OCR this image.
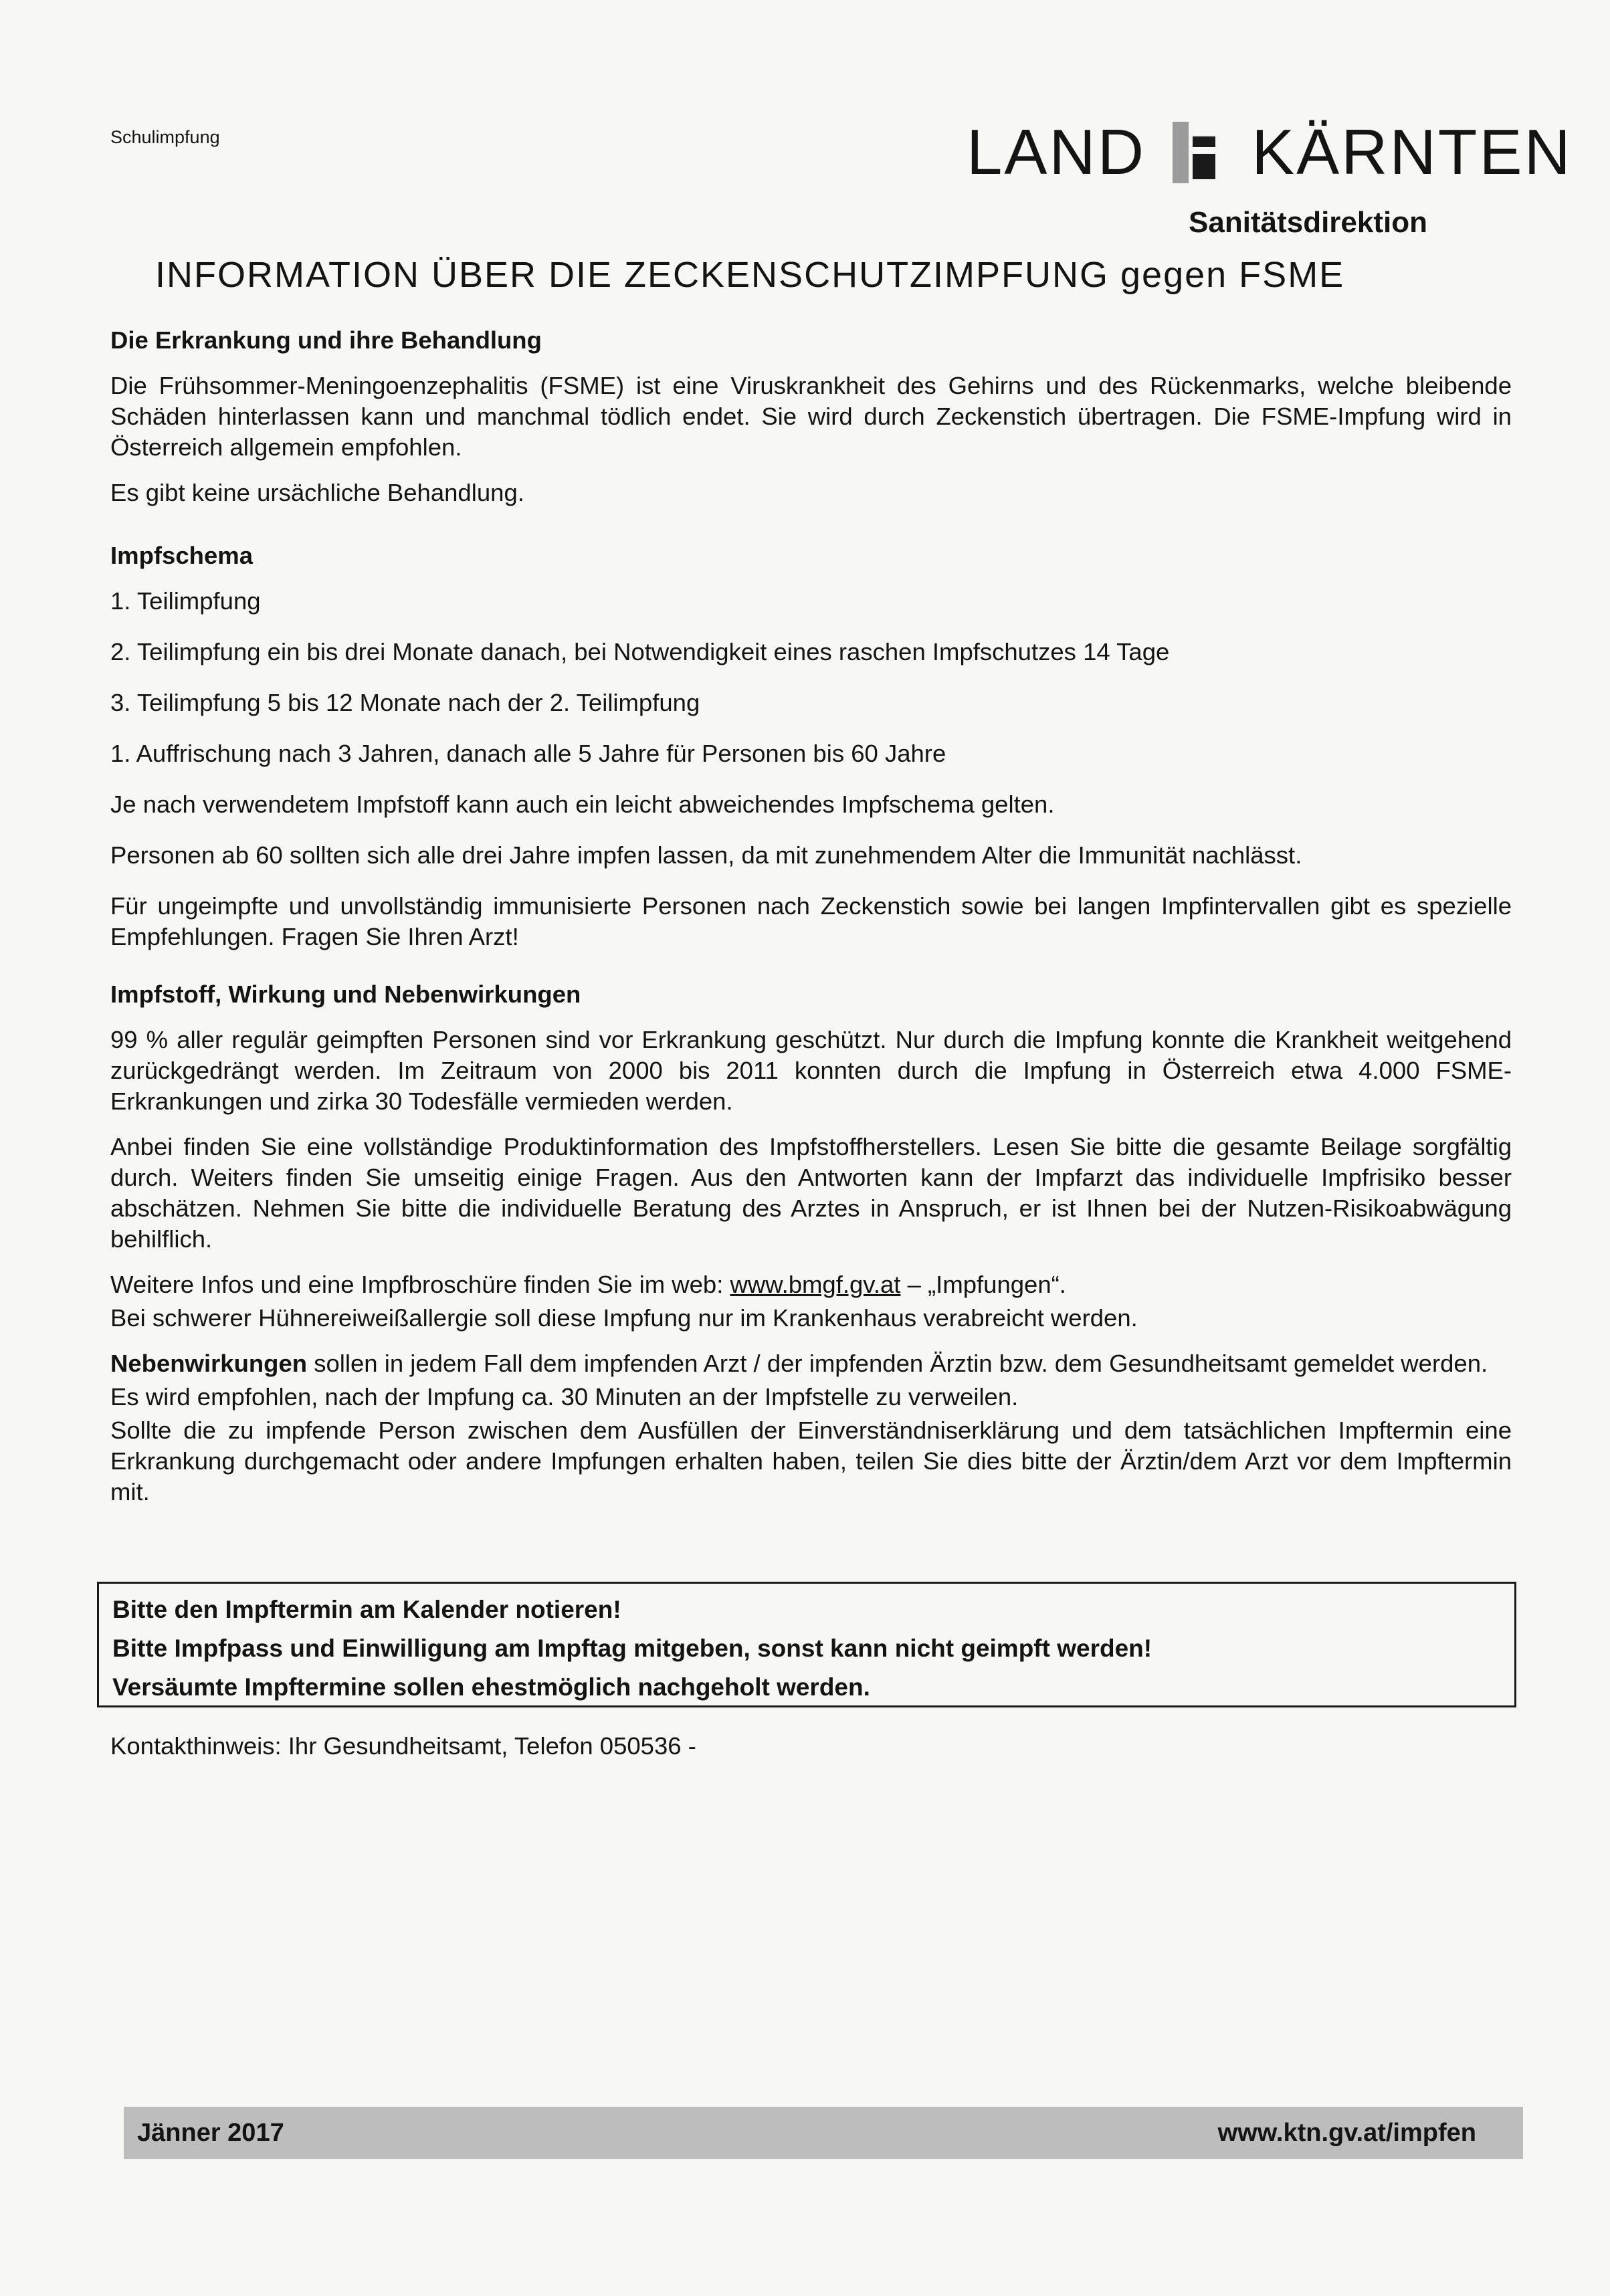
Schulimpfung	LAND KÄRNTEN
Sanitätsdirektion
INFORMATION ÜBER DIE ZECKENSCHUTZIMPFUNG gegen FSME
Die Erkrankung und ihre Behandlung
Die Frühsommer-Meningoenzephalitis (FSME) ist eine Viruskrankheit des Gehirns und des Rückenmarks, welche bleibende Schäden hinterlassen kann und manchmal tödlich endet. Sie wird durch Zeckenstich übertragen. Die FSME-Impfung wird in Österreich allgemein empfohlen.
Es gibt keine ursächliche Behandlung.
Impfschema
1. Teilimpfung
2. Teilimpfung ein bis drei Monate danach, bei Notwendigkeit eines raschen Impfschutzes 14 Tage
3. Teilimpfung 5 bis 12 Monate nach der 2. Teilimpfung
1. Auffrischung nach 3 Jahren, danach alle 5 Jahre für Personen bis 60 Jahre
Je nach verwendetem Impfstoff kann auch ein leicht abweichendes Impfschema gelten.
Personen ab 60 sollten sich alle drei Jahre impfen lassen, da mit zunehmendem Alter die Immunität nachlässt.
Für ungeimpfte und unvollständig immunisierte Personen nach Zeckenstich sowie bei langen Impfintervallen gibt es spezielle Empfehlungen. Fragen Sie Ihren Arzt!
Impfstoff, Wirkung und Nebenwirkungen
99 % aller regulär geimpften Personen sind vor Erkrankung geschützt. Nur durch die Impfung konnte die Krankheit weitgehend zurückgedrängt werden. Im Zeitraum von 2000 bis 2011 konnten durch die Impfung in Österreich etwa 4.000 FSME-Erkrankungen und zirka 30 Todesfälle vermieden werden.
Anbei finden Sie eine vollständige Produktinformation des Impfstoffherstellers. Lesen Sie bitte die gesamte Beilage sorgfältig durch. Weiters finden Sie umseitig einige Fragen. Aus den Antworten kann der Impfarzt das individuelle Impfrisiko besser abschätzen. Nehmen Sie bitte die individuelle Beratung des Arztes in Anspruch, er ist Ihnen bei der Nutzen-Risikoabwägung behilflich.
Weitere Infos und eine Impfbroschüre finden Sie im web: www.bmgf.gv.at – „Impfungen“.
Bei schwerer Hühnereiweißallergie soll diese Impfung nur im Krankenhaus verabreicht werden.
Nebenwirkungen sollen in jedem Fall dem impfenden Arzt / der impfenden Ärztin bzw. dem Gesundheitsamt gemeldet werden.
Es wird empfohlen, nach der Impfung ca. 30 Minuten an der Impfstelle zu verweilen.
Sollte die zu impfende Person zwischen dem Ausfüllen der Einverständniserklärung und dem tatsächlichen Impftermin eine Erkrankung durchgemacht oder andere Impfungen erhalten haben, teilen Sie dies bitte der Ärztin/dem Arzt vor dem Impftermin mit.
Bitte den Impftermin am Kalender notieren!
Bitte Impfpass und Einwilligung am Impftag mitgeben, sonst kann nicht geimpft werden!
Versäumte Impftermine sollen ehestmöglich nachgeholt werden.
Kontakthinweis: Ihr Gesundheitsamt, Telefon 050536 -
Jänner 2017	www.ktn.gv.at/impfen
